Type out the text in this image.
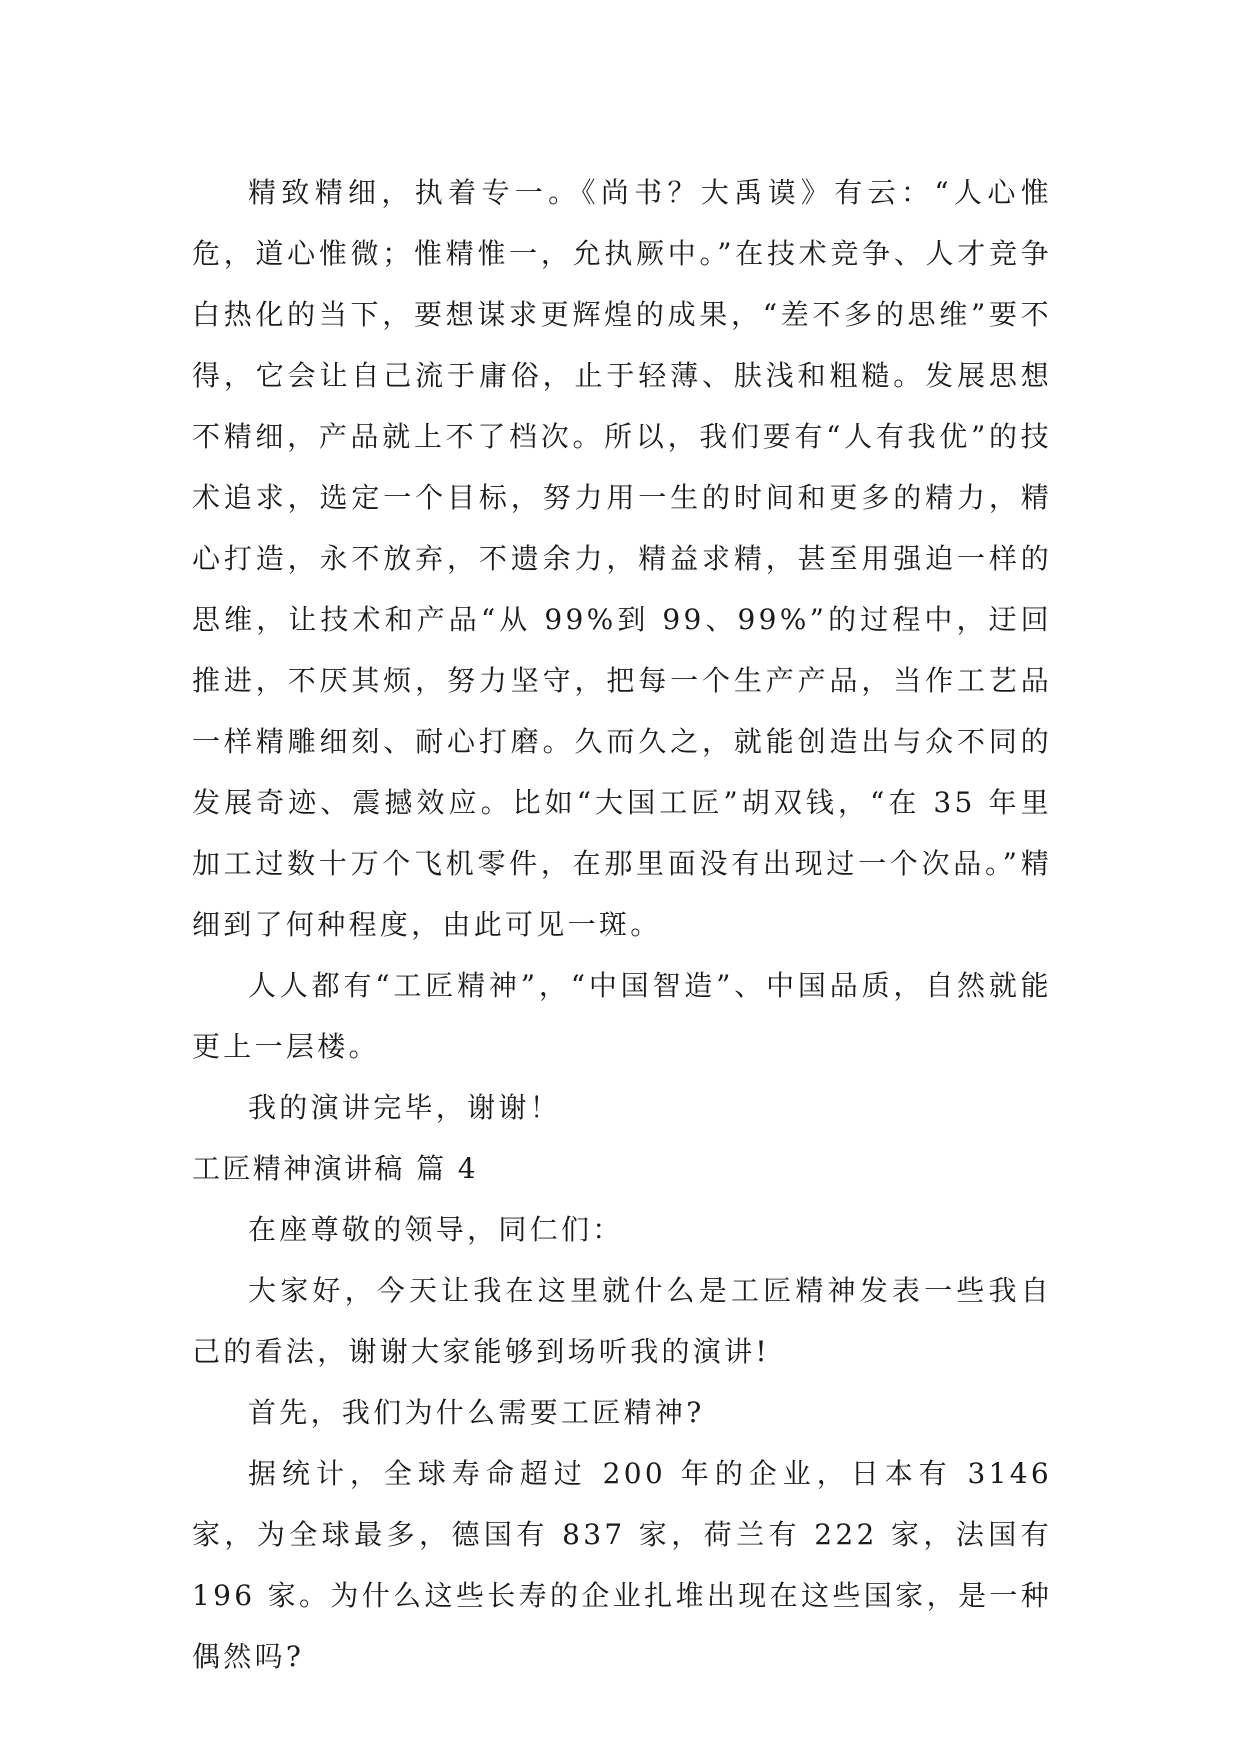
精致精细，执着专一。《尚书？大禹谟》有云：“人心惟危，道心惟微；惟精惟一，允执厥中。”在技术竞争、人才竞争白热化的当下，要想谋求更辉煌的成果，“差不多的思维”要不得，它会让自己流于庸俗，止于轻薄、肤浅和粗糙。发展思想不精细，产品就上不了档次。所以，我们要有“人有我优”的技术追求，选定一个目标，努力用一生的时间和更多的精力，精心打造，永不放弃，不遗余力，精益求精，甚至用强迫一样的思维，让技术和产品“从 99%到 99、99%”的过程中，迂回推进，不厌其烦，努力坚守，把每一个生产产品，当作工艺品一样精雕细刻、耐心打磨。久而久之，就能创造出与众不同的发展奇迹、震撼效应。比如“大国工匠”胡双钱，“在 35 年里加工过数十万个飞机零件，在那里面没有出现过一个次品。”精细到了何种程度，由此可见一斑。

人人都有“工匠精神”，“中国智造”、中国品质，自然就能更上一层楼。

我的演讲完毕，谢谢！

工匠精神演讲稿 篇 4

在座尊敬的领导，同仁们：

大家好，今天让我在这里就什么是工匠精神发表一些我自己的看法，谢谢大家能够到场听我的演讲!

首先，我们为什么需要工匠精神?

据统计，全球寿命超过 200 年的企业，日本有 3146 家，为全球最多，德国有 837 家，荷兰有 222 家，法国有 196 家。为什么这些长寿的企业扎堆出现在这些国家，是一种偶然吗?
